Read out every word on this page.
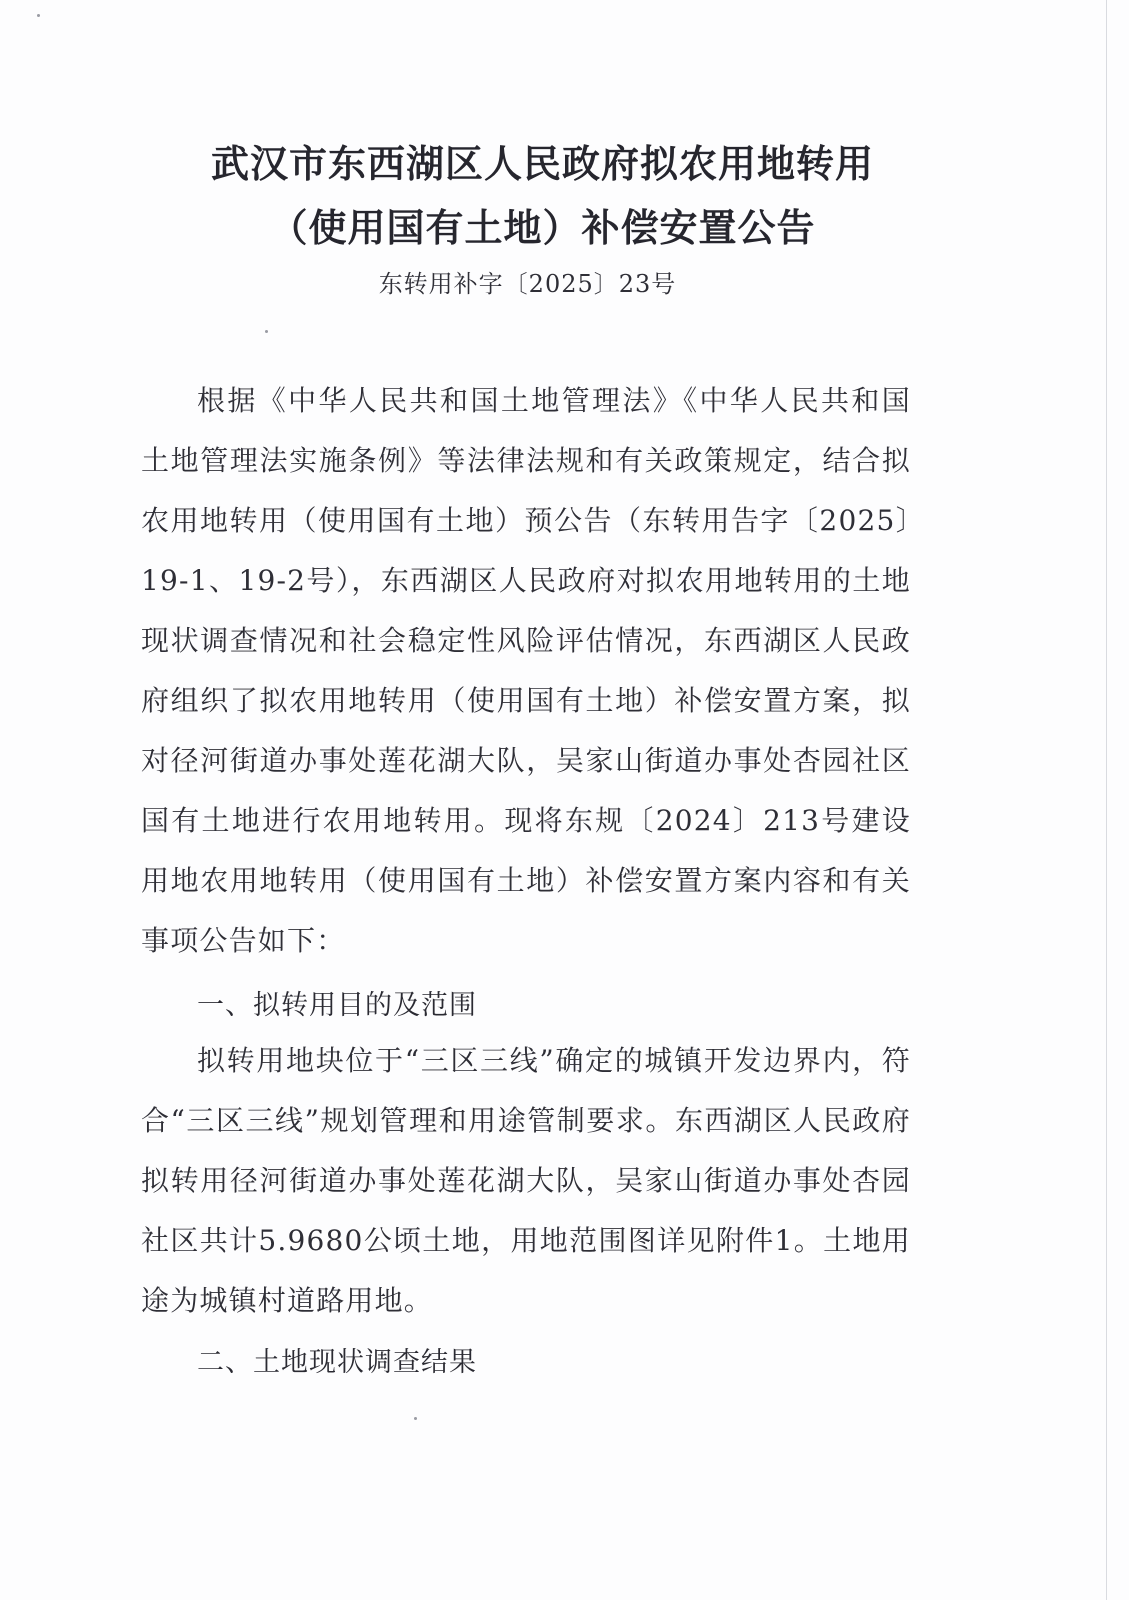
武汉市东西湖区人民政府拟农用地转用
（使用国有土地）补偿安置公告
东转用补字〔2025〕23号

根据《中华人民共和国土地管理法》《中华人民共和国土地管理法实施条例》等法律法规和有关政策规定，结合拟农用地转用（使用国有土地）预公告（东转用告字〔2025〕19-1、19-2号），东西湖区人民政府对拟农用地转用的土地现状调查情况和社会稳定性风险评估情况，东西湖区人民政府组织了拟农用地转用（使用国有土地）补偿安置方案，拟对径河街道办事处莲花湖大队，吴家山街道办事处杏园社区国有土地进行农用地转用。现将东规〔2024〕213号建设用地农用地转用（使用国有土地）补偿安置方案内容和有关事项公告如下：

一、拟转用目的及范围

拟转用地块位于“三区三线”确定的城镇开发边界内，符合“三区三线”规划管理和用途管制要求。东西湖区人民政府拟转用径河街道办事处莲花湖大队，吴家山街道办事处杏园社区共计5.9680公顷土地，用地范围图详见附件1。土地用途为城镇村道路用地。

二、土地现状调查结果
